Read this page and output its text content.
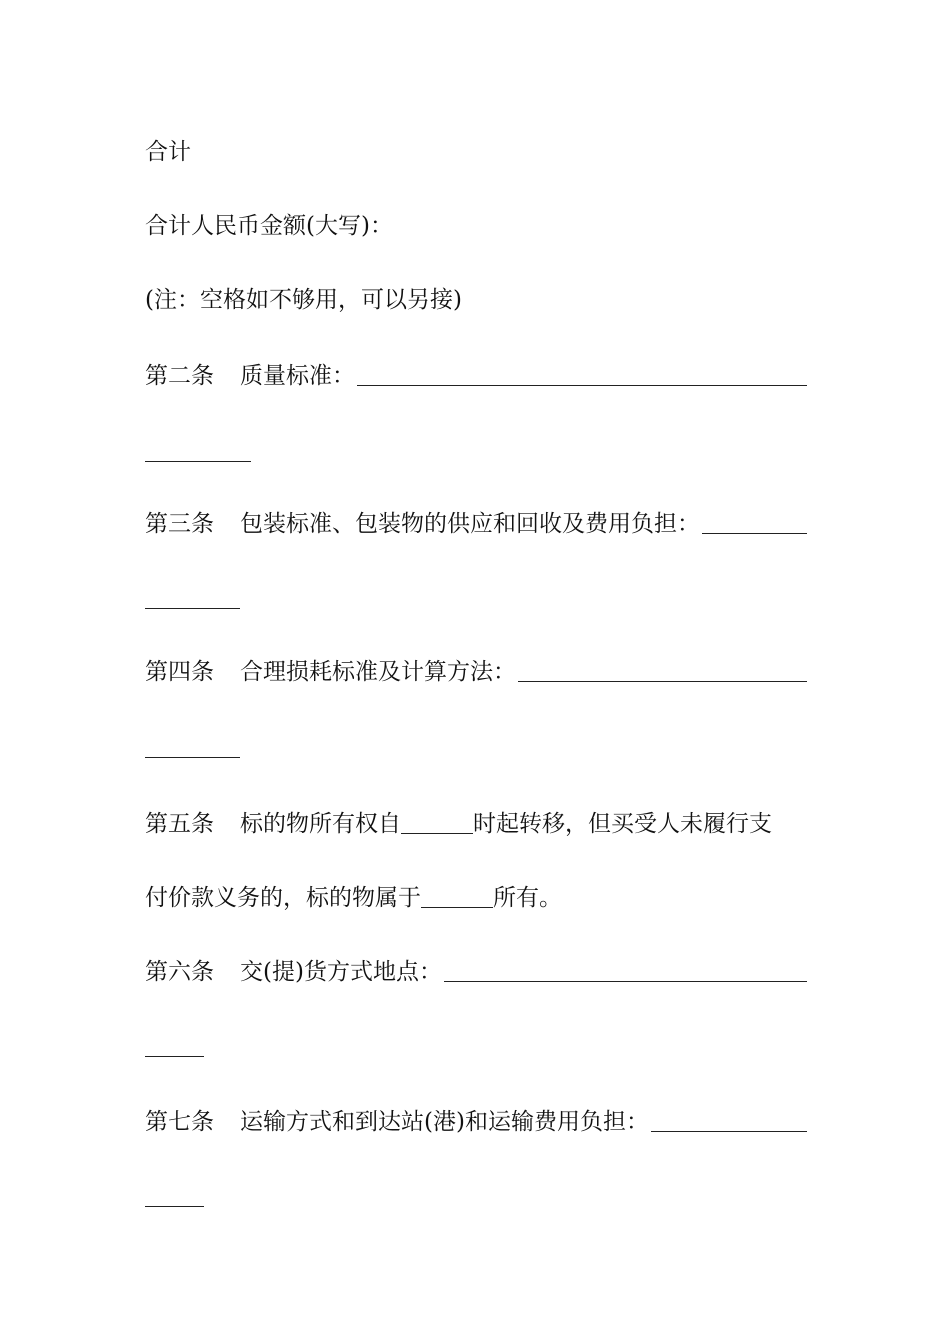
合计
合计人民币金额(大写)：
(注：空格如不够用，可以另接)
第二条 质量标准：
第三条 包装标准、包装物的供应和回收及费用负担：
第四条 合理损耗标准及计算方法：
第五条 标的物所有权自	时起转移，但买受人未履行支
付价款义务的，标的物属于	所有。
第六条 交(提)货方式地点：
第七条 运输方式和到达站(港)和运输费用负担：
